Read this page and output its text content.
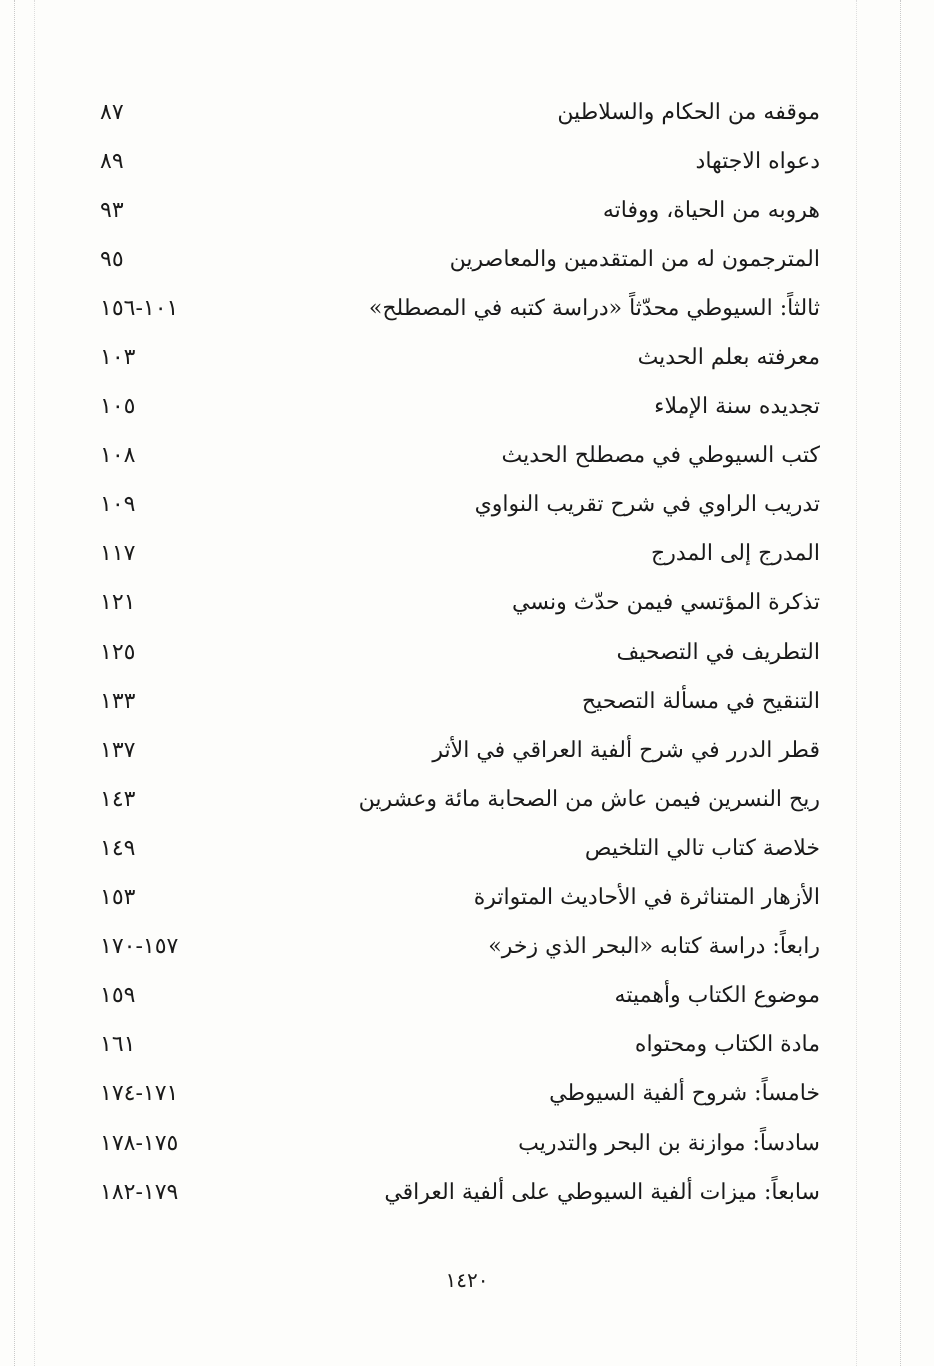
موقفه من الحكام والسلاطين
٨٧
دعواه الاجتهاد
٨٩
هروبه من الحياة، ووفاته
٩٣
المترجمون له من المتقدمين والمعاصرين
٩٥
ثالثاً: السيوطي محدّثاً «دراسة كتبه في المصطلح»
١٠١-١٥٦
معرفته بعلم الحديث
١٠٣
تجديده سنة الإملاء
١٠٥
كتب السيوطي في مصطلح الحديث
١٠٨
تدريب الراوي في شرح تقريب النواوي
١٠٩
المدرج إلى المدرج
١١٧
تذكرة المؤتسي فيمن حدّث ونسي
١٢١
التطريف في التصحيف
١٢٥
التنقيح في مسألة التصحيح
١٣٣
قطر الدرر في شرح ألفية العراقي في الأثر
١٣٧
ريح النسرين فيمن عاش من الصحابة مائة وعشرين
١٤٣
خلاصة كتاب تالي التلخيص
١٤٩
الأزهار المتناثرة في الأحاديث المتواترة
١٥٣
رابعاً: دراسة كتابه «البحر الذي زخر»
١٥٧-١٧٠
موضوع الكتاب وأهميته
١٥٩
مادة الكتاب ومحتواه
١٦١
خامساً: شروح ألفية السيوطي
١٧١-١٧٤
سادساً: موازنة بن البحر والتدريب
١٧٥-١٧٨
سابعاً: ميزات ألفية السيوطي على ألفية العراقي
١٧٩-١٨٢
١٤٢٠
